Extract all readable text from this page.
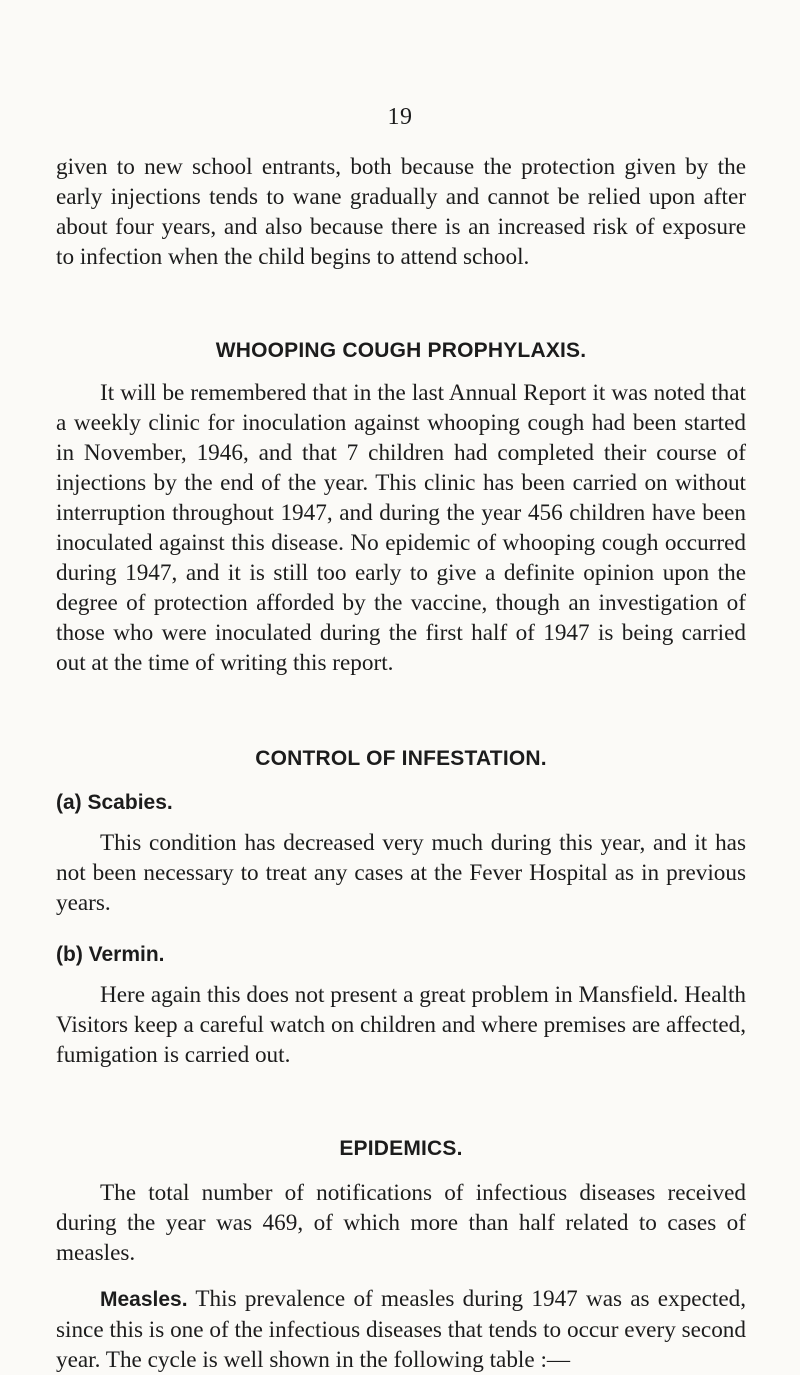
19

given to new school entrants, both because the protection given by the early injections tends to wane gradually and cannot be relied upon after about four years, and also because there is an increased risk of exposure to infection when the child begins to attend school.

WHOOPING COUGH PROPHYLAXIS.

It will be remembered that in the last Annual Report it was noted that a weekly clinic for inoculation against whooping cough had been started in November, 1946, and that 7 children had completed their course of injections by the end of the year. This clinic has been carried on without interruption throughout 1947, and during the year 456 children have been inoculated against this disease. No epidemic of whooping cough occurred during 1947, and it is still too early to give a definite opinion upon the degree of protection afforded by the vaccine, though an investigation of those who were inoculated during the first half of 1947 is being carried out at the time of writing this report.

CONTROL OF INFESTATION.
(a) Scabies.

This condition has decreased very much during this year, and it has not been necessary to treat any cases at the Fever Hospital as in previous years.

(b) Vermin.

Here again this does not present a great problem in Mansfield. Health Visitors keep a careful watch on children and where premises are affected, fumigation is carried out.

EPIDEMICS.

The total number of notifications of infectious diseases received during the year was 469, of which more than half related to cases of measles.

Measles. This prevalence of measles during 1947 was as expected, since this is one of the infectious diseases that tends to occur every second year. The cycle is well shown in the following table :—
